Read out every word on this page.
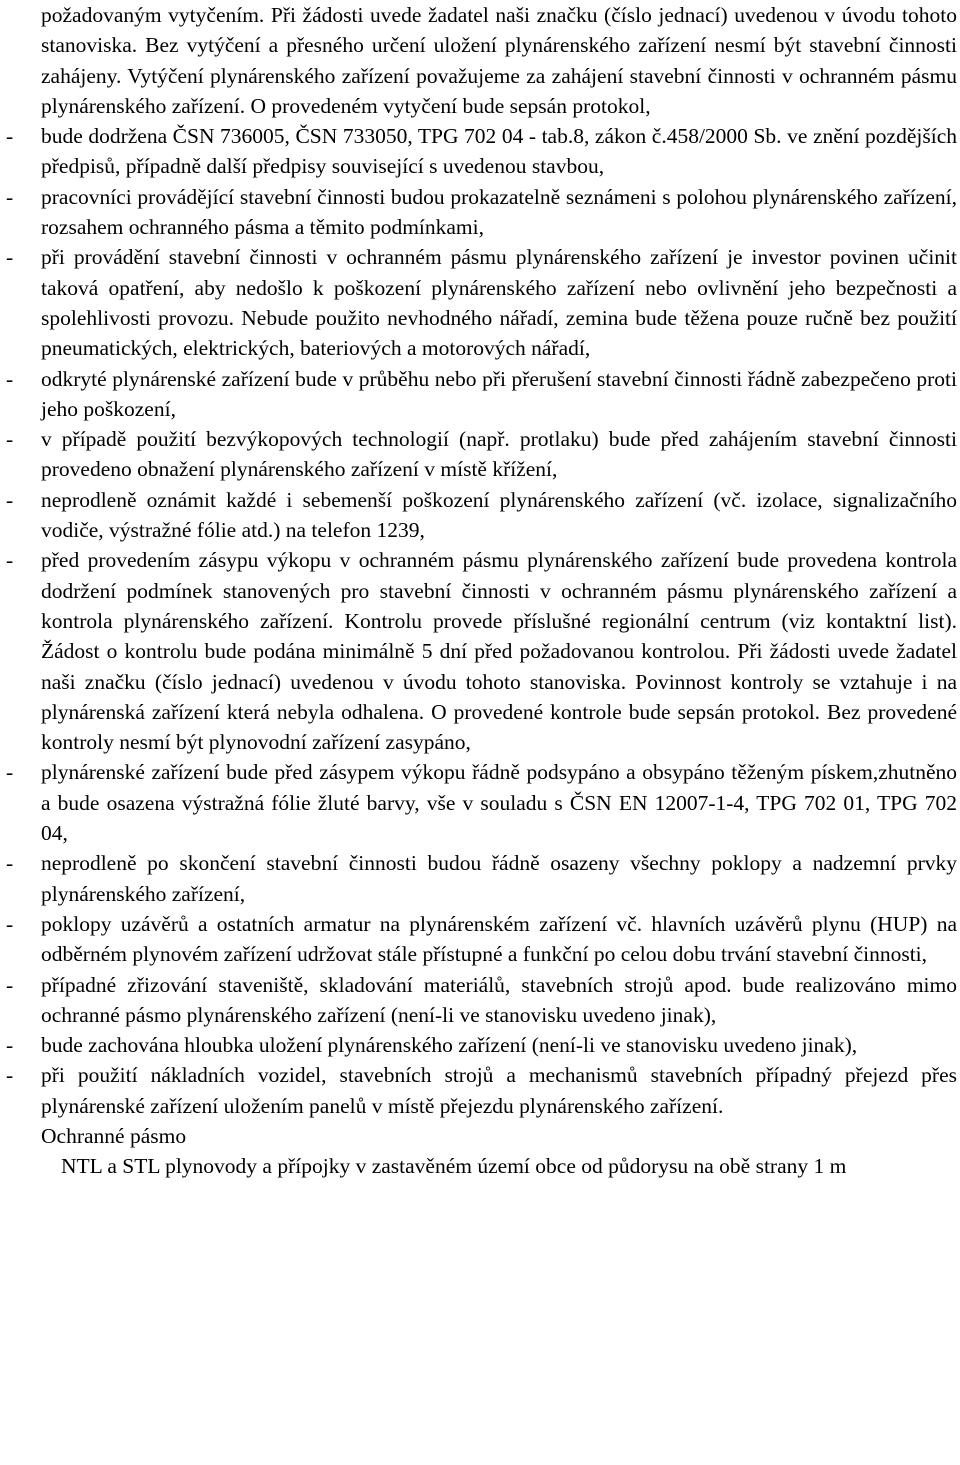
požadovaným vytyčením. Při žádosti uvede žadatel naši značku (číslo jednací) uvedenou v úvodu tohoto stanoviska. Bez vytýčení a přesného určení uložení plynárenského zařízení nesmí být stavební činnosti zahájeny. Vytýčení plynárenského zařízení považujeme za zahájení stavební činnosti v ochranném pásmu plynárenského zařízení. O provedeném vytyčení bude sepsán protokol,

- bude dodržena ČSN 736005, ČSN 733050, TPG 702 04 - tab.8, zákon č.458/2000 Sb. ve znění pozdějších předpisů, případně další předpisy související s uvedenou stavbou,
- pracovníci provádějící stavební činnosti budou prokazatelně seznámeni s polohou plynárenského zařízení, rozsahem ochranného pásma a těmito podmínkami,
- při provádění stavební činnosti v ochranném pásmu plynárenského zařízení je investor povinen učinit taková opatření, aby nedošlo k poškození plynárenského zařízení nebo ovlivnění jeho bezpečnosti a spolehlivosti provozu. Nebude použito nevhodného nářadí, zemina bude těžena pouze ručně bez použití pneumatických, elektrických, bateriových a motorových nářadí,
- odkryté plynárenské zařízení bude v průběhu nebo při přerušení stavební činnosti řádně zabezpečeno proti jeho poškození,
- v případě použití bezvýkopových technologií (např. protlaku) bude před zahájením stavební činnosti provedeno obnažení plynárenského zařízení v místě křížení,
- neprodleně oznámit každé i sebemenší poškození plynárenského zařízení (vč. izolace, signalizačního vodiče, výstražné fólie atd.) na telefon 1239,
- před provedením zásypu výkopu v ochranném pásmu plynárenského zařízení bude provedena kontrola dodržení podmínek stanovených pro stavební činnosti v ochranném pásmu plynárenského zařízení a kontrola plynárenského zařízení. Kontrolu provede příslušné regionální centrum (viz kontaktní list). Žádost o kontrolu bude podána minimálně 5 dní před požadovanou kontrolou. Při žádosti uvede žadatel naši značku (číslo jednací) uvedenou v úvodu tohoto stanoviska. Povinnost kontroly se vztahuje i na plynárenská zařízení která nebyla odhalena. O provedené kontrole bude sepsán protokol. Bez provedené kontroly nesmí být plynovodní zařízení zasypáno,
- plynárenské zařízení bude před zásypem výkopu řádně podsypáno a obsypáno těženým pískem,zhutněno a bude osazena výstražná fólie žluté barvy, vše v souladu s ČSN EN 12007-1-4, TPG 702 01, TPG 702 04,
- neprodleně po skončení stavební činnosti budou řádně osazeny všechny poklopy a nadzemní prvky plynárenského zařízení,
- poklopy uzávěrů a ostatních armatur na plynárenském zařízení vč. hlavních uzávěrů plynu (HUP) na odběrném plynovém zařízení udržovat stále přístupné a funkční po celou dobu trvání stavební činnosti,
- případné zřizování staveniště, skladování materiálů, stavebních strojů apod. bude realizováno mimo ochranné pásmo plynárenského zařízení (není-li ve stanovisku uvedeno jinak),
- bude zachována hloubka uložení plynárenského zařízení (není-li ve stanovisku uvedeno jinak),
- při použití nákladních vozidel, stavebních strojů a mechanismů stavebních případný přejezd přes plynárenské zařízení uložením panelů v místě přejezdu plynárenského zařízení.

Ochranné pásmo

NTL a STL plynovody a přípojky v zastavěném území obce od půdorysu na obě strany 1 m
